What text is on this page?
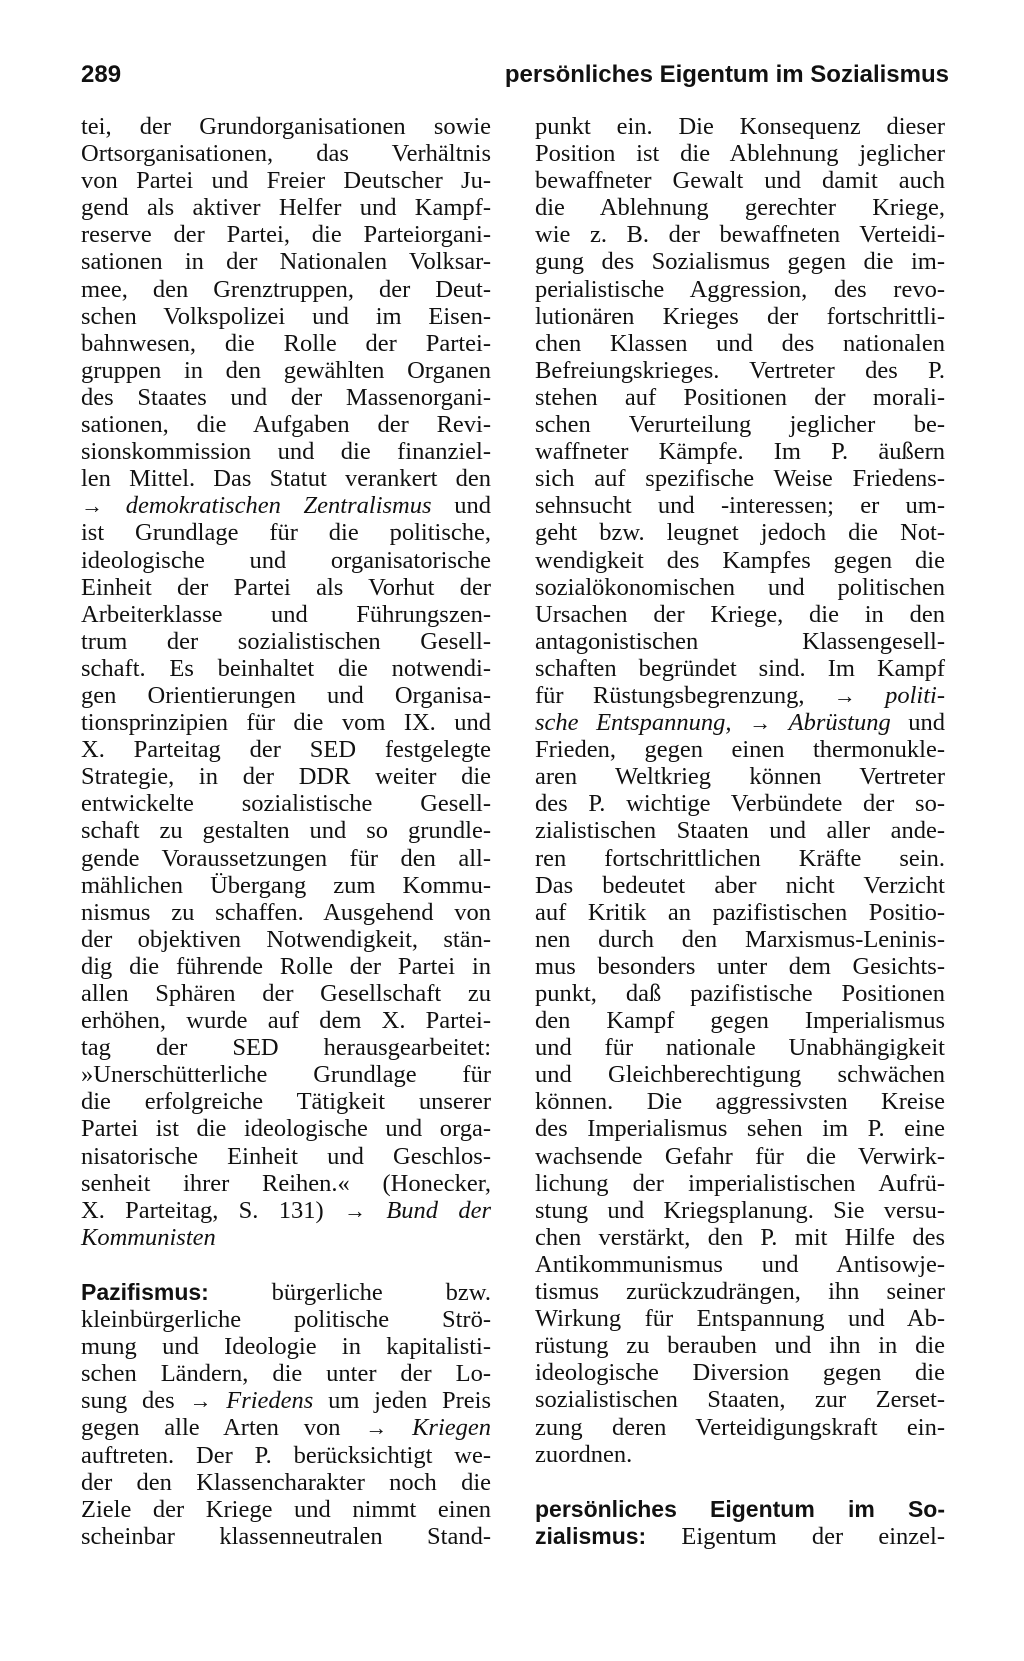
289	persönliches Eigentum im Sozialismus
tei, der Grundorganisationen sowie
Ortsorganisationen, das Verhältnis
von Partei und Freier Deutscher Ju-
gend als aktiver Helfer und Kampf-
reserve der Partei, die Parteiorgani-
sationen in der Nationalen Volksar-
mee, den Grenztruppen, der Deut-
schen Volkspolizei und im Eisen-
bahnwesen, die Rolle der Partei-
gruppen in den gewählten Organen
des Staates und der Massenorgani-
sationen, die Aufgaben der Revi-
sionskommission und die finanziel-
len Mittel. Das Statut verankert den
→ demokratischen Zentralismus und
ist Grundlage für die politische,
ideologische und organisatorische
Einheit der Partei als Vorhut der
Arbeiterklasse und Führungszen-
trum der sozialistischen Gesell-
schaft. Es beinhaltet die notwendi-
gen Orientierungen und Organisa-
tionsprinzipien für die vom IX. und
X. Parteitag der SED festgelegte
Strategie, in der DDR weiter die
entwickelte sozialistische Gesell-
schaft zu gestalten und so grundle-
gende Voraussetzungen für den all-
mählichen Übergang zum Kommu-
nismus zu schaffen. Ausgehend von
der objektiven Notwendigkeit, stän-
dig die führende Rolle der Partei in
allen Sphären der Gesellschaft zu
erhöhen, wurde auf dem X. Partei-
tag der SED herausgearbeitet:
»Unerschütterliche Grundlage für
die erfolgreiche Tätigkeit unserer
Partei ist die ideologische und orga-
nisatorische Einheit und Geschlos-
senheit ihrer Reihen.« (Honecker,
X. Parteitag, S. 131) → Bund der
Kommunisten
Pazifismus: bürgerliche bzw.
kleinbürgerliche politische Strö-
mung und Ideologie in kapitalisti-
schen Ländern, die unter der Lo-
sung des → Friedens um jeden Preis
gegen alle Arten von → Kriegen
auftreten. Der P. berücksichtigt we-
der den Klassencharakter noch die
Ziele der Kriege und nimmt einen
scheinbar klassenneutralen Stand-
punkt ein. Die Konsequenz dieser
Position ist die Ablehnung jeglicher
bewaffneter Gewalt und damit auch
die Ablehnung gerechter Kriege,
wie z. B. der bewaffneten Verteidi-
gung des Sozialismus gegen die im-
perialistische Aggression, des revo-
lutionären Krieges der fortschrittli-
chen Klassen und des nationalen
Befreiungskrieges. Vertreter des P.
stehen auf Positionen der morali-
schen Verurteilung jeglicher be-
waffneter Kämpfe. Im P. äußern
sich auf spezifische Weise Friedens-
sehnsucht und -interessen; er um-
geht bzw. leugnet jedoch die Not-
wendigkeit des Kampfes gegen die
sozialökonomischen und politischen
Ursachen der Kriege, die in den
antagonistischen Klassengesell-
schaften begründet sind. Im Kampf
für Rüstungsbegrenzung, → politi-
sche Entspannung, → Abrüstung und
Frieden, gegen einen thermonukle-
aren Weltkrieg können Vertreter
des P. wichtige Verbündete der so-
zialistischen Staaten und aller ande-
ren fortschrittlichen Kräfte sein.
Das bedeutet aber nicht Verzicht
auf Kritik an pazifistischen Positio-
nen durch den Marxismus-Leninis-
mus besonders unter dem Gesichts-
punkt, daß pazifistische Positionen
den Kampf gegen Imperialismus
und für nationale Unabhängigkeit
und Gleichberechtigung schwächen
können. Die aggressivsten Kreise
des Imperialismus sehen im P. eine
wachsende Gefahr für die Verwirk-
lichung der imperialistischen Aufrü-
stung und Kriegsplanung. Sie versu-
chen verstärkt, den P. mit Hilfe des
Antikommunismus und Antisowje-
tismus zurückzudrängen, ihn seiner
Wirkung für Entspannung und Ab-
rüstung zu berauben und ihn in die
ideologische Diversion gegen die
sozialistischen Staaten, zur Zerset-
zung deren Verteidigungskraft ein-
zuordnen.
persönliches Eigentum im So-
zialismus: Eigentum der einzel-
